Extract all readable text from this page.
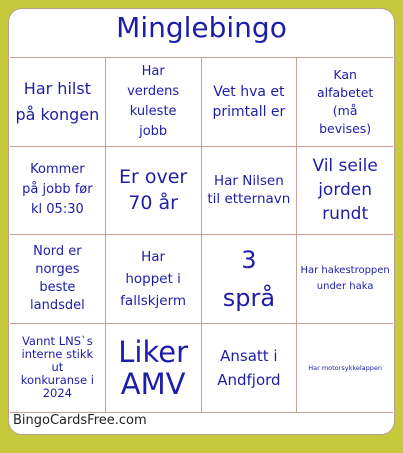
Minglebingo
Har hilst på kongen
Har verdens kuleste jobb
Vet hva et primtall er
Kan alfabetet (må bevises)
Kommer på jobb før kl 05:30
Er over 70 år
Har Nilsen til etternavn
Vil seile jorden rundt
Nord er norges beste landsdel
Har hoppet i fallskjerm
3 språ
Har hakestroppen under haka
Vannt LNS`s interne stikk ut konkuranse i 2024
Liker AMV
Ansatt i Andfjord
Har motorsykkelappen
BingoCardsFree.com
